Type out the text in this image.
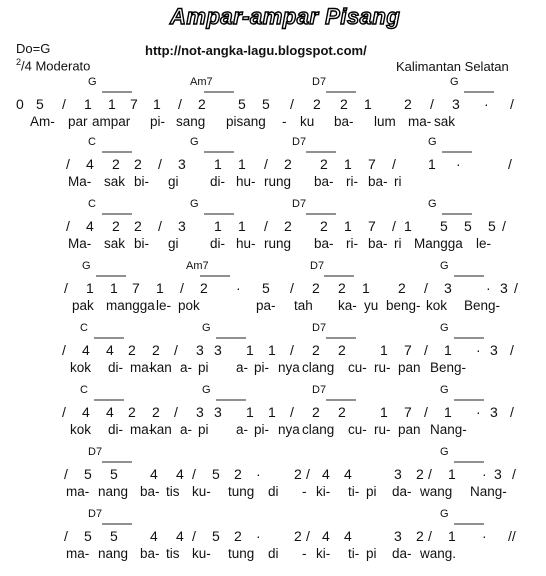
Ampar-ampar Pisang
http://not-angka-lagu.blogspot.com/
Do=G
$^2$/4 Moderato	Kalimantan Selatan
G	Am7	D7	G
0 5 / 1 1 7 1 / 2 5 5 / 2 2 1 2 / 3 · /
Am- par ampar pi- sang pisang - ku ba- lum ma- sak
C	G	D7	G
/ 4 2 2 / 3 1 1 / 2 2 1 7 / 1 ·	/
Ma- sak bi- gi di- hu- rung ba- ri- ba- ri
C	G	D7	G
/ 4 2 2 / 3 1 1 / 2 2 1 7 / 1 5 5 5 /
Ma- sak bi- gi di- hu- rung ba- ri- ba- ri Mangga le-
G	Am7	D7	G
/ 1 1 7 1 / 2 · 5 / 2 2 1 2 / 3 · 3 /
pak mangga le- pok	pa- tah ka- yu beng- kok Beng-
C	G	D7	G
/ 4 4 2 2 / 3 3 1 1 / 2 2 1 7 / 1 · 3 /
kok di- ma-
kan a- pi a- pi- nya clang cu- ru- pan Beng-
C	G	D7	G
/ 4 4 2 2 / 3 3 1 1 / 2 2 1 7 / 1 · 3 /
kok di- ma-
kan a- pi a- pi- nya clang cu- ru- pan Nang-
D7	G
/ 5 5 4 4 / 5 2 · 2 / 4 4	3 2 / 1 · 3 /
ma- nang ba- tis ku- tung di - ki- ti- pi da- wang Nang-
D7	G
/ 5 5 4 4 / 5 2 · 2 / 4 4	3 2 / 1 · //
ma- nang ba- tis ku- tung di - ki- ti- pi da- wang.
